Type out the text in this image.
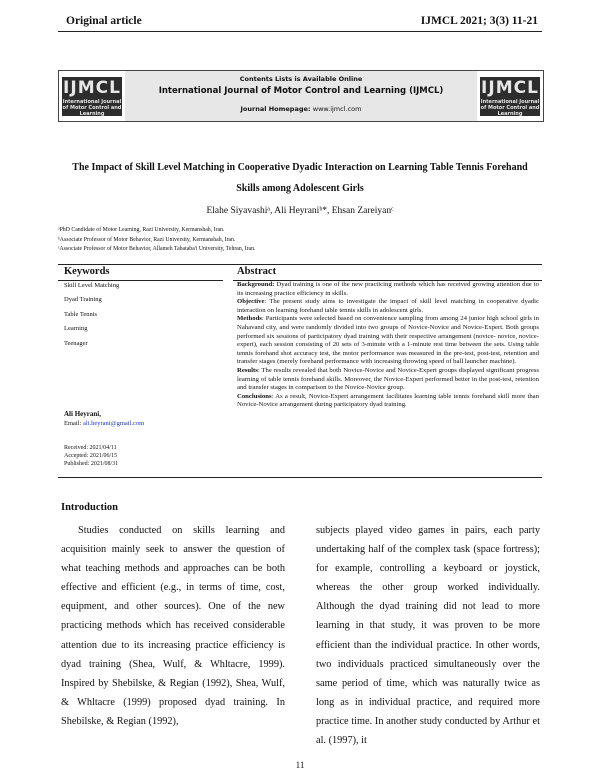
Original article	IJMCL 2021; 3(3) 11-21
IJMCL
International Journal of Motor Control and Learning
Contents Lists is Available Online
International Journal of Motor Control and Learning (IJMCL)
Journal Homepage: www.ijmcl.com
IJMCL
International Journal of Motor Control and Learning
The Impact of Skill Level Matching in Cooperative Dyadic Interaction on Learning Table Tennis Forehand Skills among Adolescent Girls
Elahe Siyavashiᵃ, Ali Heyraniᵇ*, Ehsan Zareiyanᶜ
ᵃPhD Candidate of Motor Learning, Razi University, Kermanshah, Iran.
ᵇAssociate Professor of Motor Behavior, Razi University, Kermanshah, Iran.
ᶜAssociate Professor of Motor Behavior, Allameh Tabataba'i University, Tehran, Iran.
Keywords	Abstract
Skill Level Matching
Dyad Training
Table Tennis
Learning
Teenager
Background: Dyad training is one of the new practicing methods which has received growing attention due to its increasing practice efficiency in skills.
Objective: The present study aims to investigate the impact of skill level matching in cooperative dyadic interaction on learning forehand table tennis skills in adolescent girls.
Methods: Participants were selected based on convenience sampling from among 24 junior high school girls in Nahavand city, and were randomly divided into two groups of Novice-Novice and Novice-Expert. Both groups performed six sessions of participatory dyad training with their respective arrangement (novice- novice, novice- expert), each session consisting of 20 sets of 3-minute with a 1-minute rest time between the sets. Using table tennis forehand shot accuracy test, the motor performance was measured in the pre-test, post-test, retention and transfer stages (merely forehand performance with increasing throwing speed of ball launcher machine).
Results: The results revealed that both Novice-Novice and Novice-Expert groups displayed significant progress learning of table tennis forehand skills. Moreover, the Novice-Expert performed better in the post-test, retention and transfer stages in comparison to the Novice-Novice group.
Conclusions: As a result, Novice-Expert arrangement facilitates learning table tennis forehand skill more than Novice-Novice arrangement during participatory dyad training.
Ali Heyrani,
Email: ali.heyrani@gmail.com
Received: 2021/04/11
Accepted: 2021/06/15
Published: 2021/08/31
Introduction
Studies conducted on skills learning and acquisition mainly seek to answer the question of what teaching methods and approaches can be both effective and efficient (e.g., in terms of time, cost, equipment, and other sources). One of the new practicing methods which has received considerable attention due to its increasing practice efficiency is dyad training (Shea, Wulf, & Whltacre, 1999). Inspired by Shebilske, & Regian (1992), Shea, Wulf, & Whltacre (1999) proposed dyad training. In Shebilske, & Regian (1992),
subjects played video games in pairs, each party undertaking half of the complex task (space fortress); for example, controlling a keyboard or joystick, whereas the other group worked individually. Although the dyad training did not lead to more learning in that study, it was proven to be more efficient than the individual practice. In other words, two individuals practiced simultaneously over the same period of time, which was naturally twice as long as in individual practice, and required more practice time. In another study conducted by Arthur et al. (1997), it
11
